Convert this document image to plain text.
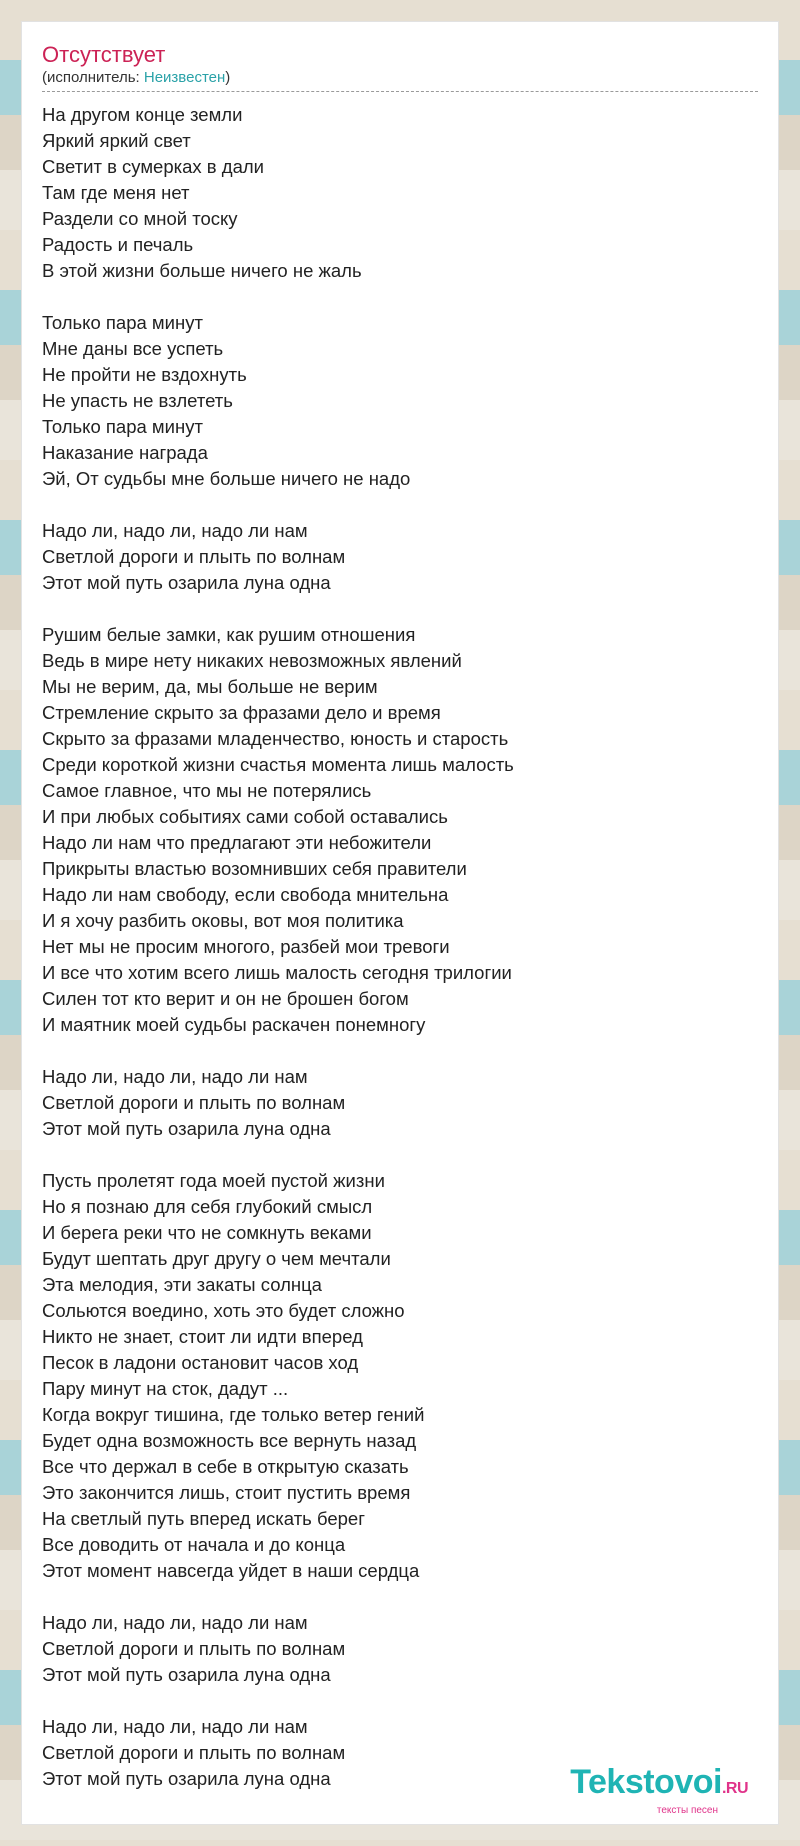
Отсутствует
(исполнитель: Неизвестен)
На другом конце земли
Яркий яркий свет
Светит в сумерках в дали
Там где меня нет
Раздели со мной тоску
Радость и печаль
В этой жизни больше ничего не жаль
Только пара минут
Мне даны все успеть
Не пройти не вздохнуть
Не упасть не взлететь
Только пара минут
Наказание награда
Эй, От судьбы мне больше ничего не надо
Надо ли, надо ли, надо ли нам
Светлой дороги и плыть по волнам
Этот мой путь озарила луна одна
Рушим белые замки, как рушим отношения
Ведь в мире нету никаких невозможных явлений
Мы не верим, да, мы больше не верим
Стремление скрыто за фразами дело и время
Скрыто за фразами младенчество, юность и старость
Среди короткой жизни счастья момента лишь малость
Самое главное, что мы не потерялись
И при любых событиях сами собой оставались
Надо ли нам что предлагают эти небожители
Прикрыты властью возомнивших себя правители
Надо ли нам свободу, если свобода мнительна
И я хочу разбить оковы, вот моя политика
Нет мы не просим многого, разбей мои тревоги
И все что хотим всего лишь малость сегодня трилогии
Силен тот кто верит и он не брошен богом
И маятник моей судьбы раскачен понемногу
Надо ли, надо ли, надо ли нам
Светлой дороги и плыть по волнам
Этот мой путь озарила луна одна
Пусть пролетят года моей пустой жизни
Но я познаю для себя глубокий смысл
И берега реки что не сомкнуть веками
Будут шептать друг другу о чем мечтали
Эта мелодия, эти закаты солнца
Сольются воедино, хоть это будет сложно
Никто не знает, стоит ли идти вперед
Песок в ладони остановит часов ход
Пару минут на сток, дадут ...
Когда вокруг тишина, где только ветер гений
Будет одна возможность все вернуть назад
Все что держал в себе в открытую сказать
Это закончится лишь, стоит пустить время
На светлый путь вперед искать берег
Все доводить от начала и до конца
Этот момент навсегда уйдет в наши сердца
Надо ли, надо ли, надо ли нам
Светлой дороги и плыть по волнам
Этот мой путь озарила луна одна
Надо ли, надо ли, надо ли нам
Светлой дороги и плыть по волнам
Этот мой путь озарила луна одна	Tekstovoi.RU
тексты песен
